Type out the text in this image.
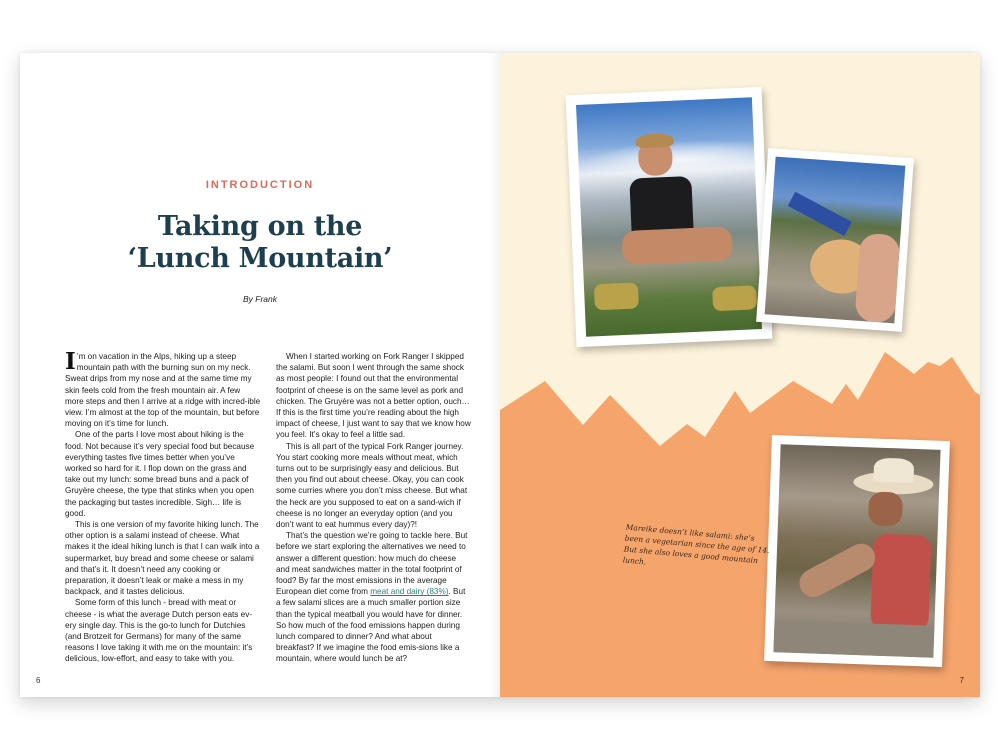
INTRODUCTION
Taking on the
‘Lunch Mountain’
By Frank

I ’m on vacation in the Alps, hiking up a steep mountain path with the burning sun on my neck. Sweat drips from my nose and at the same time my skin feels cold from the fresh mountain air. A few more steps and then I arrive at a ridge with incred-ible view. I’m almost at the top of the mountain, but before moving on it’s time for lunch.

One of the parts I love most about hiking is the food. Not because it’s very special food but because everything tastes five times better when you’ve worked so hard for it. I flop down on the grass and take out my lunch: some bread buns and a pack of Gruyère cheese, the type that stinks when you open the packaging but tastes incredible. Sigh… life is good.

This is one version of my favorite hiking lunch. The other option is a salami instead of cheese. What makes it the ideal hiking lunch is that I can walk into a supermarket, buy bread and some cheese or salami and that’s it. It doesn’t need any cooking or preparation, it doesn’t leak or make a mess in my backpack, and it tastes delicious.

Some form of this lunch - bread with meat or cheese - is what the average Dutch person eats ev-ery single day. This is the go-to lunch for Dutchies (and Brotzeit for Germans) for many of the same reasons I love taking it with me on the mountain: it’s delicious, low-effort, and easy to take with you.

When I started working on Fork Ranger I skipped the salami. But soon I went through the same shock as most people: I found out that the environmental footprint of cheese is on the same level as pork and chicken. The Gruyère was not a better option, ouch… If this is the first time you’re reading about the high impact of cheese, I just want to say that we know how you feel. It’s okay to feel a little sad.

This is all part of the typical Fork Ranger journey. You start cooking more meals without meat, which turns out to be surprisingly easy and delicious. But then you find out about cheese. Okay, you can cook some curries where you don’t miss cheese. But what the heck are you supposed to eat on a sand-wich if cheese is no longer an everyday option (and you don’t want to eat hummus every day)?!

That’s the question we’re going to tackle here. But before we start exploring the alternatives we need to answer a different question: how much do cheese and meat sandwiches matter in the total footprint of food? By far the most emissions in the average European diet come from meat and dairy (83%). But a few salami slices are a much smaller portion size than the typical meatball you would have for dinner. So how much of the food emissions happen during lunch compared to dinner? And what about breakfast? If we imagine the food emis-sions like a mountain, where would lunch be at?

6
Mareike doesn’t like salami: she’s been a vegetarian since the age of 14. But she also loves a good mountain lunch.
7
